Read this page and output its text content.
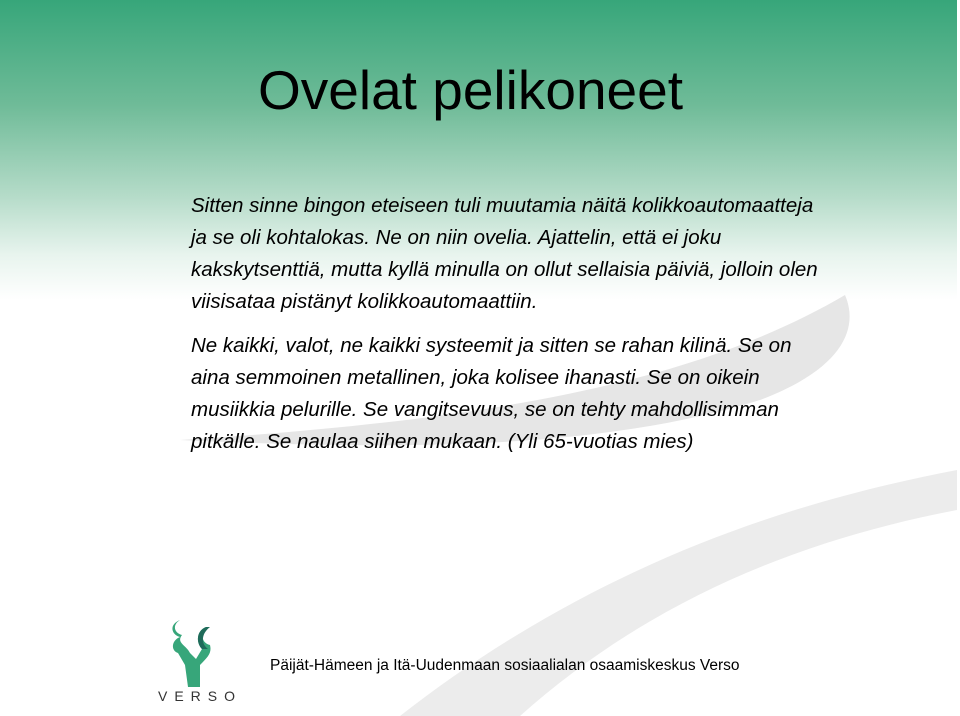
Ovelat pelikoneet

Sitten sinne bingon eteiseen tuli muutamia näitä kolikkoautomaatteja ja se oli kohtalokas. Ne on niin ovelia. Ajattelin, että ei joku kakskytsenttiä, mutta kyllä minulla on ollut sellaisia päiviä, jolloin olen viisisataa pistänyt kolikkoautomaattiin.

Ne kaikki, valot, ne kaikki systeemit ja sitten se rahan kilinä. Se on aina semmoinen metallinen, joka kolisee ihanasti. Se on oikein musiikkia pelurille. Se vangitsevuus, se on tehty mahdollisimman pitkälle. Se naulaa siihen mukaan. (Yli 65-vuotias mies)

VERSO
Päijät-Hämeen ja Itä-Uudenmaan sosiaalialan osaamiskeskus Verso
